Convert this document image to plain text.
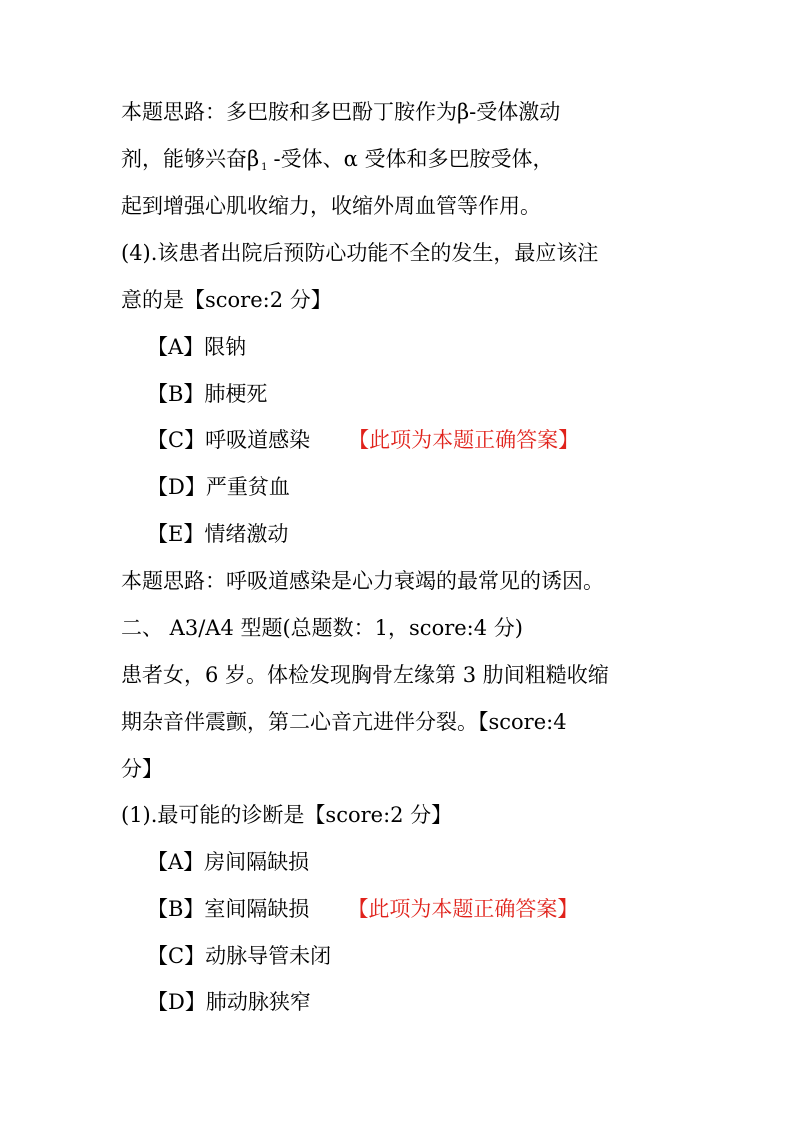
本题思路：多巴胺和多巴酚丁胺作为β-受体激动
剂，能够兴奋β $_1$ -受体、α 受体和多巴胺受体，
起到增强心肌收缩力，收缩外周血管等作用。
(4).该患者出院后预防心功能不全的发生，最应该注
意的是【score:2 分】
【A】限钠
【B】肺梗死
【C】呼吸道感染 【此项为本题正确答案】
【D】严重贫血
【E】情绪激动
本题思路：呼吸道感染是心力衰竭的最常见的诱因。
二、 A3/A4 型题(总题数：1，score:4 分)
患者女，6 岁。体检发现胸骨左缘第 3 肋间粗糙收缩
期杂音伴震颤，第二心音亢进伴分裂。【score:4
分】
(1).最可能的诊断是【score:2 分】
【A】房间隔缺损
【B】室间隔缺损 【此项为本题正确答案】
【C】动脉导管未闭
【D】肺动脉狭窄
